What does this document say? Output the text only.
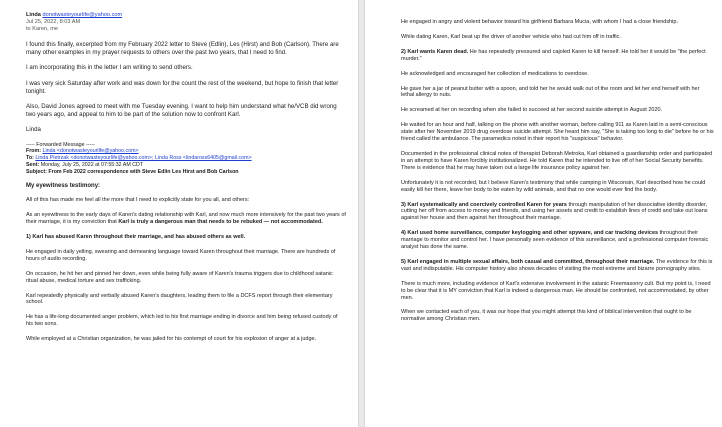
Linda donotwasteyourlife@yahoo.com
Jul 25, 2022, 8:03 AM
to Karen, me

I found this finally, excerpted from my February 2022 letter to Steve (Edlin), Les (Hirst) and Bob (Carlson). There are many other examples in my prayer requests to others over the past two years, that I need to find.

I am incorporating this in the letter I am writing to send others.

I was very sick Saturday after work and was down for the count the rest of the weekend, but hope to finish that letter tonight.

Also, David Jones agreed to meet with me Tuesday evening. I want to help him understand what he/VCB did wrong two years ago, and appeal to him to be part of the solution now to confront Karl.

Linda

----- Forwarded Message -----
From: Linda <donotwasteyourlife@yahoo.com>
To: Linda Pietrzak <donotwasteyourlife@yahoo.com>; Linda Ross <lindaross6405@gmail.com>
Sent: Monday, July 25, 2022 at 07:55:32 AM CDT
Subject: From Feb 2022 correspondence with Steve Edlin Les Hirst and Bob Carlson
My eyewitness testimony:

All of this has made me feel all the more that I need to explicitly state for you all, and others:

As an eyewitness to the early days of Karen's dating relationship with Karl, and now much more intensively for the past two years of their marriage, it is my conviction that Karl is truly a dangerous man that needs to be rebuked — not accommodated.

1) Karl has abused Karen throughout their marriage, and has abused others as well.

He engaged in daily yelling, swearing and demeaning language toward Karen throughout their marriage. There are hundreds of hours of audio recording.

On occasion, he hit her and pinned her down, even while being fully aware of Karen's trauma triggers due to childhood satanic ritual abuse, medical torture and sex trafficking.

Karl repeatedly physically and verbally abused Karen's daughters, leading them to file a DCFS report through their elementary school.

He has a life-long documented anger problem, which led to his first marriage ending in divorce and him being refused custody of his two sons.

While employed at a Christian organization, he was jailed for his contempt of court for his explosion of anger at a judge.

He engaged in angry and violent behavior toward his girlfriend Barbara Mucia, with whom I had a close friendship.

While dating Karen, Karl beat up the driver of another vehicle who had cut him off in traffic.

2) Karl wants Karen dead. He has repeatedly pressured and cajoled Karen to kill herself. He told her it would be "the perfect murder."

He acknowledged and encouraged her collection of medications to overdose.

He gave her a jar of peanut butter with a spoon, and told her he would walk out of the room and let her end herself with her lethal allergy to nuts.

He screamed at her on recording when she failed to succeed at her second suicide attempt in August 2020.

He waited for an hour and half, talking on the phone with another woman, before calling 911 as Karen laid in a semi-conscious state after her November 2019 drug overdose suicide attempt. She heard him say, "She is taking too long to die" before he or his friend called the ambulance. The paramedics noted in their report his "suspicious" behavior.

Documented in the professional clinical notes of therapist Deborah Metroka, Karl obtained a guardianship order and participated in an attempt to have Karen forcibly institutionalized. He told Karen that he intended to live off of her Social Security benefits. There is evidence that he may have taken out a large life insurance policy against her.

Unfortunately it is not recorded, but I believe Karen's testimony that while camping in Wisconsin, Karl described how he could easily kill her there, leave her body to be eaten by wild animals, and that no one would ever find the body.

3) Karl systematically and coercively controlled Karen for years through manipulation of her dissociative identity disorder, cutting her off from access to money and friends, and using her assets and credit to establish lines of credit and take out loans against her house and then against her throughout their marriage.

4) Karl used home surveillance, computer keylogging and other spyware, and car tracking devices throughout their marriage to monitor and control her. I have personally seen evidence of this surveillance, and a professional computer forensic analyst has done the same.

5) Karl engaged in multiple sexual affairs, both casual and committed, throughout their marriage. The evidence for this is vast and indisputable. His computer history also shows decades of visiting the most extreme and bizarre pornography sites.

There is much more, including evidence of Karl's extensive involvement in the satanic Freemasonry cult. But my point is, I need to be clear that it is MY conviction that Karl is indeed a dangerous man. He should be confronted, not accommodated, by other men.

When we contacted each of you, it was our hope that you might attempt this kind of biblical intervention that ought to be normative among Christian men.
